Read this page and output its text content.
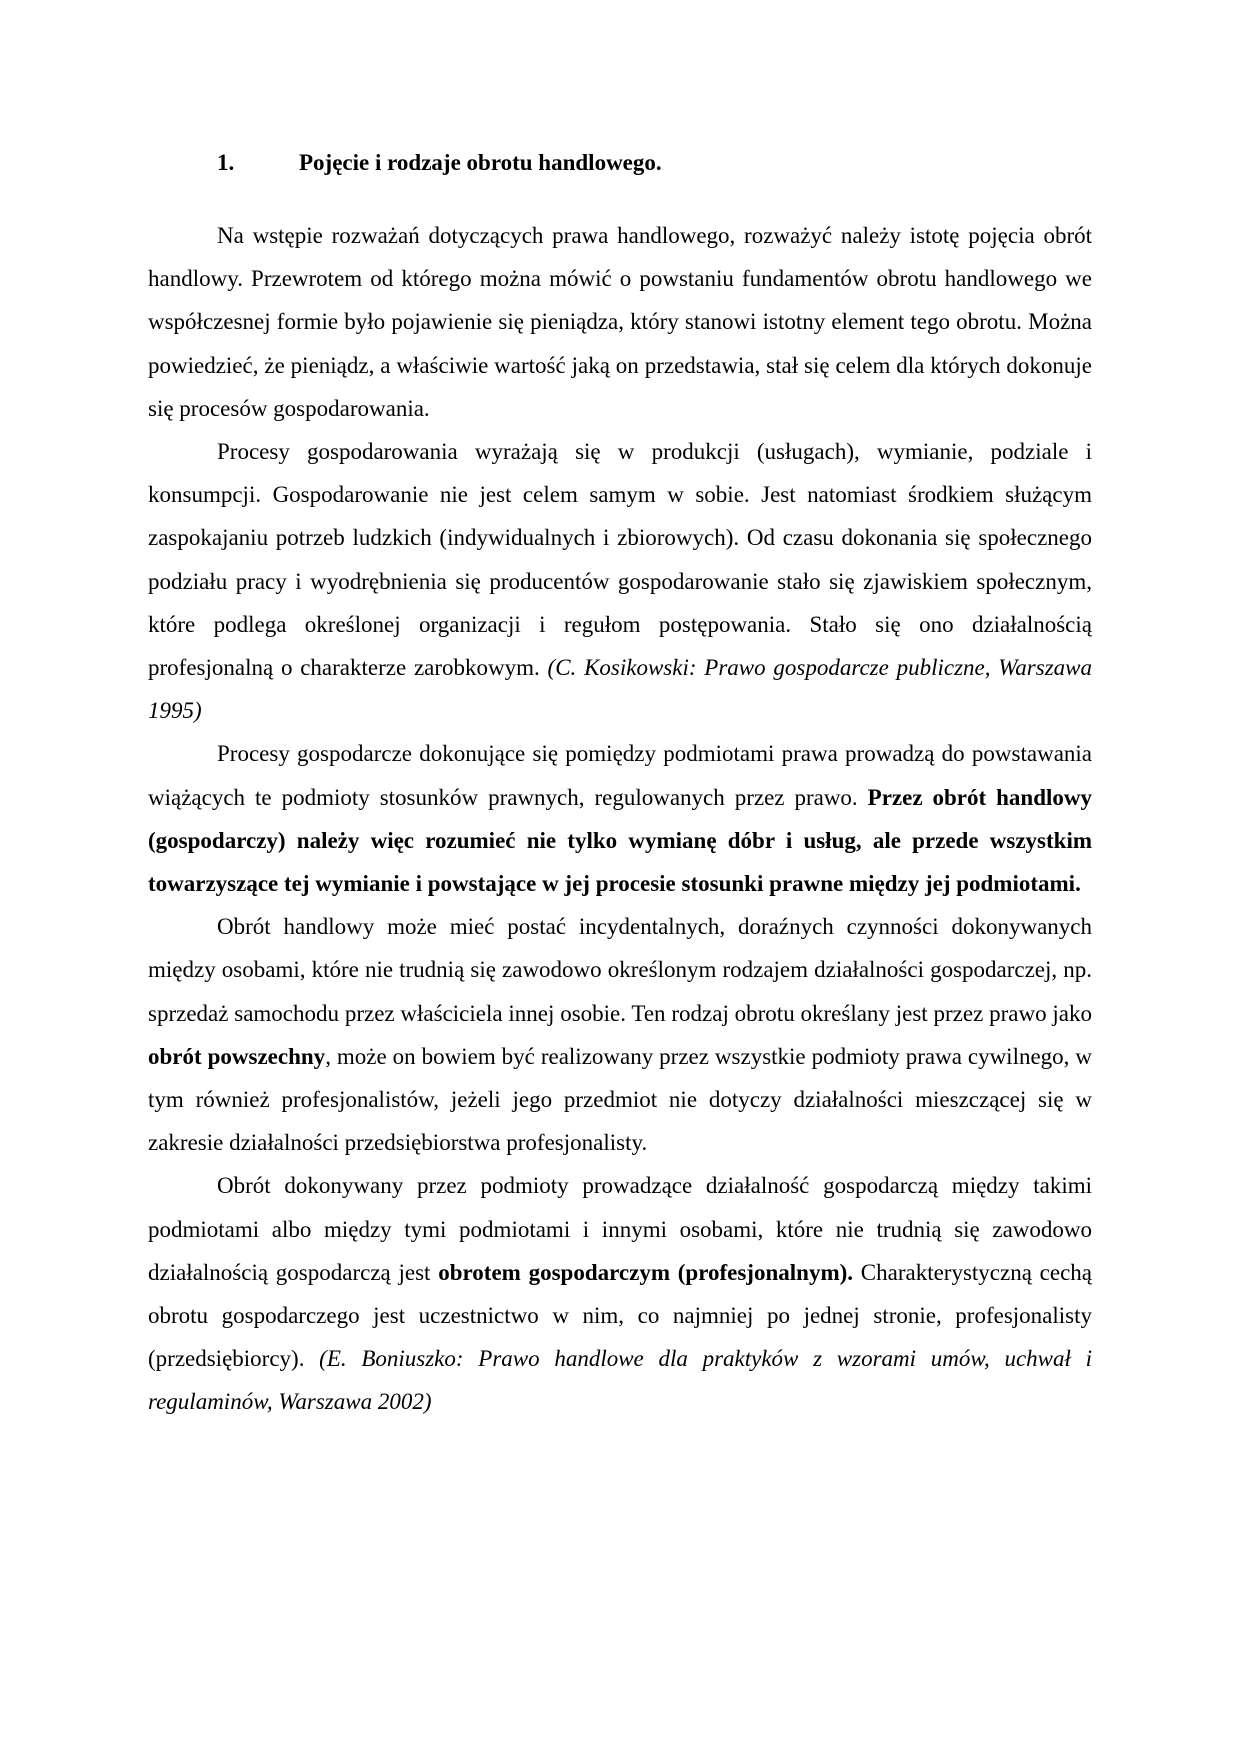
1.	Pojęcie i rodzaje obrotu handlowego.

Na wstępie rozważań dotyczących prawa handlowego, rozważyć należy istotę pojęcia obrót handlowy. Przewrotem od którego można mówić o powstaniu fundamentów obrotu handlowego we współczesnej formie było pojawienie się pieniądza, który stanowi istotny element tego obrotu. Można powiedzieć, że pieniądz, a właściwie wartość jaką on przedstawia, stał się celem dla których dokonuje się procesów gospodarowania.

Procesy gospodarowania wyrażają się w produkcji (usługach), wymianie, podziale i konsumpcji. Gospodarowanie nie jest celem samym w sobie. Jest natomiast środkiem służącym zaspokajaniu potrzeb ludzkich (indywidualnych i zbiorowych). Od czasu dokonania się społecznego podziału pracy i wyodrębnienia się producentów gospodarowanie stało się zjawiskiem społecznym, które podlega określonej organizacji i regułom postępowania. Stało się ono działalnością profesjonalną o charakterze zarobkowym. (C. Kosikowski: Prawo gospodarcze publiczne, Warszawa 1995)

Procesy gospodarcze dokonujące się pomiędzy podmiotami prawa prowadzą do powstawania wiążących te podmioty stosunków prawnych, regulowanych przez prawo. Przez obrót handlowy (gospodarczy) należy więc rozumieć nie tylko wymianę dóbr i usług, ale przede wszystkim towarzyszące tej wymianie i powstające w jej procesie stosunki prawne między jej podmiotami.

Obrót handlowy może mieć postać incydentalnych, doraźnych czynności dokonywanych między osobami, które nie trudnią się zawodowo określonym rodzajem działalności gospodarczej, np. sprzedaż samochodu przez właściciela innej osobie. Ten rodzaj obrotu określany jest przez prawo jako obrót powszechny, może on bowiem być realizowany przez wszystkie podmioty prawa cywilnego, w tym również profesjonalistów, jeżeli jego przedmiot nie dotyczy działalności mieszczącej się w zakresie działalności przedsiębiorstwa profesjonalisty.

Obrót dokonywany przez podmioty prowadzące działalność gospodarczą między takimi podmiotami albo między tymi podmiotami i innymi osobami, które nie trudnią się zawodowo działalnością gospodarczą jest obrotem gospodarczym (profesjonalnym). Charakterystyczną cechą obrotu gospodarczego jest uczestnictwo w nim, co najmniej po jednej stronie, profesjonalisty (przedsiębiorcy). (E. Boniuszko: Prawo handlowe dla praktyków z wzorami umów, uchwał i regulaminów, Warszawa 2002)
